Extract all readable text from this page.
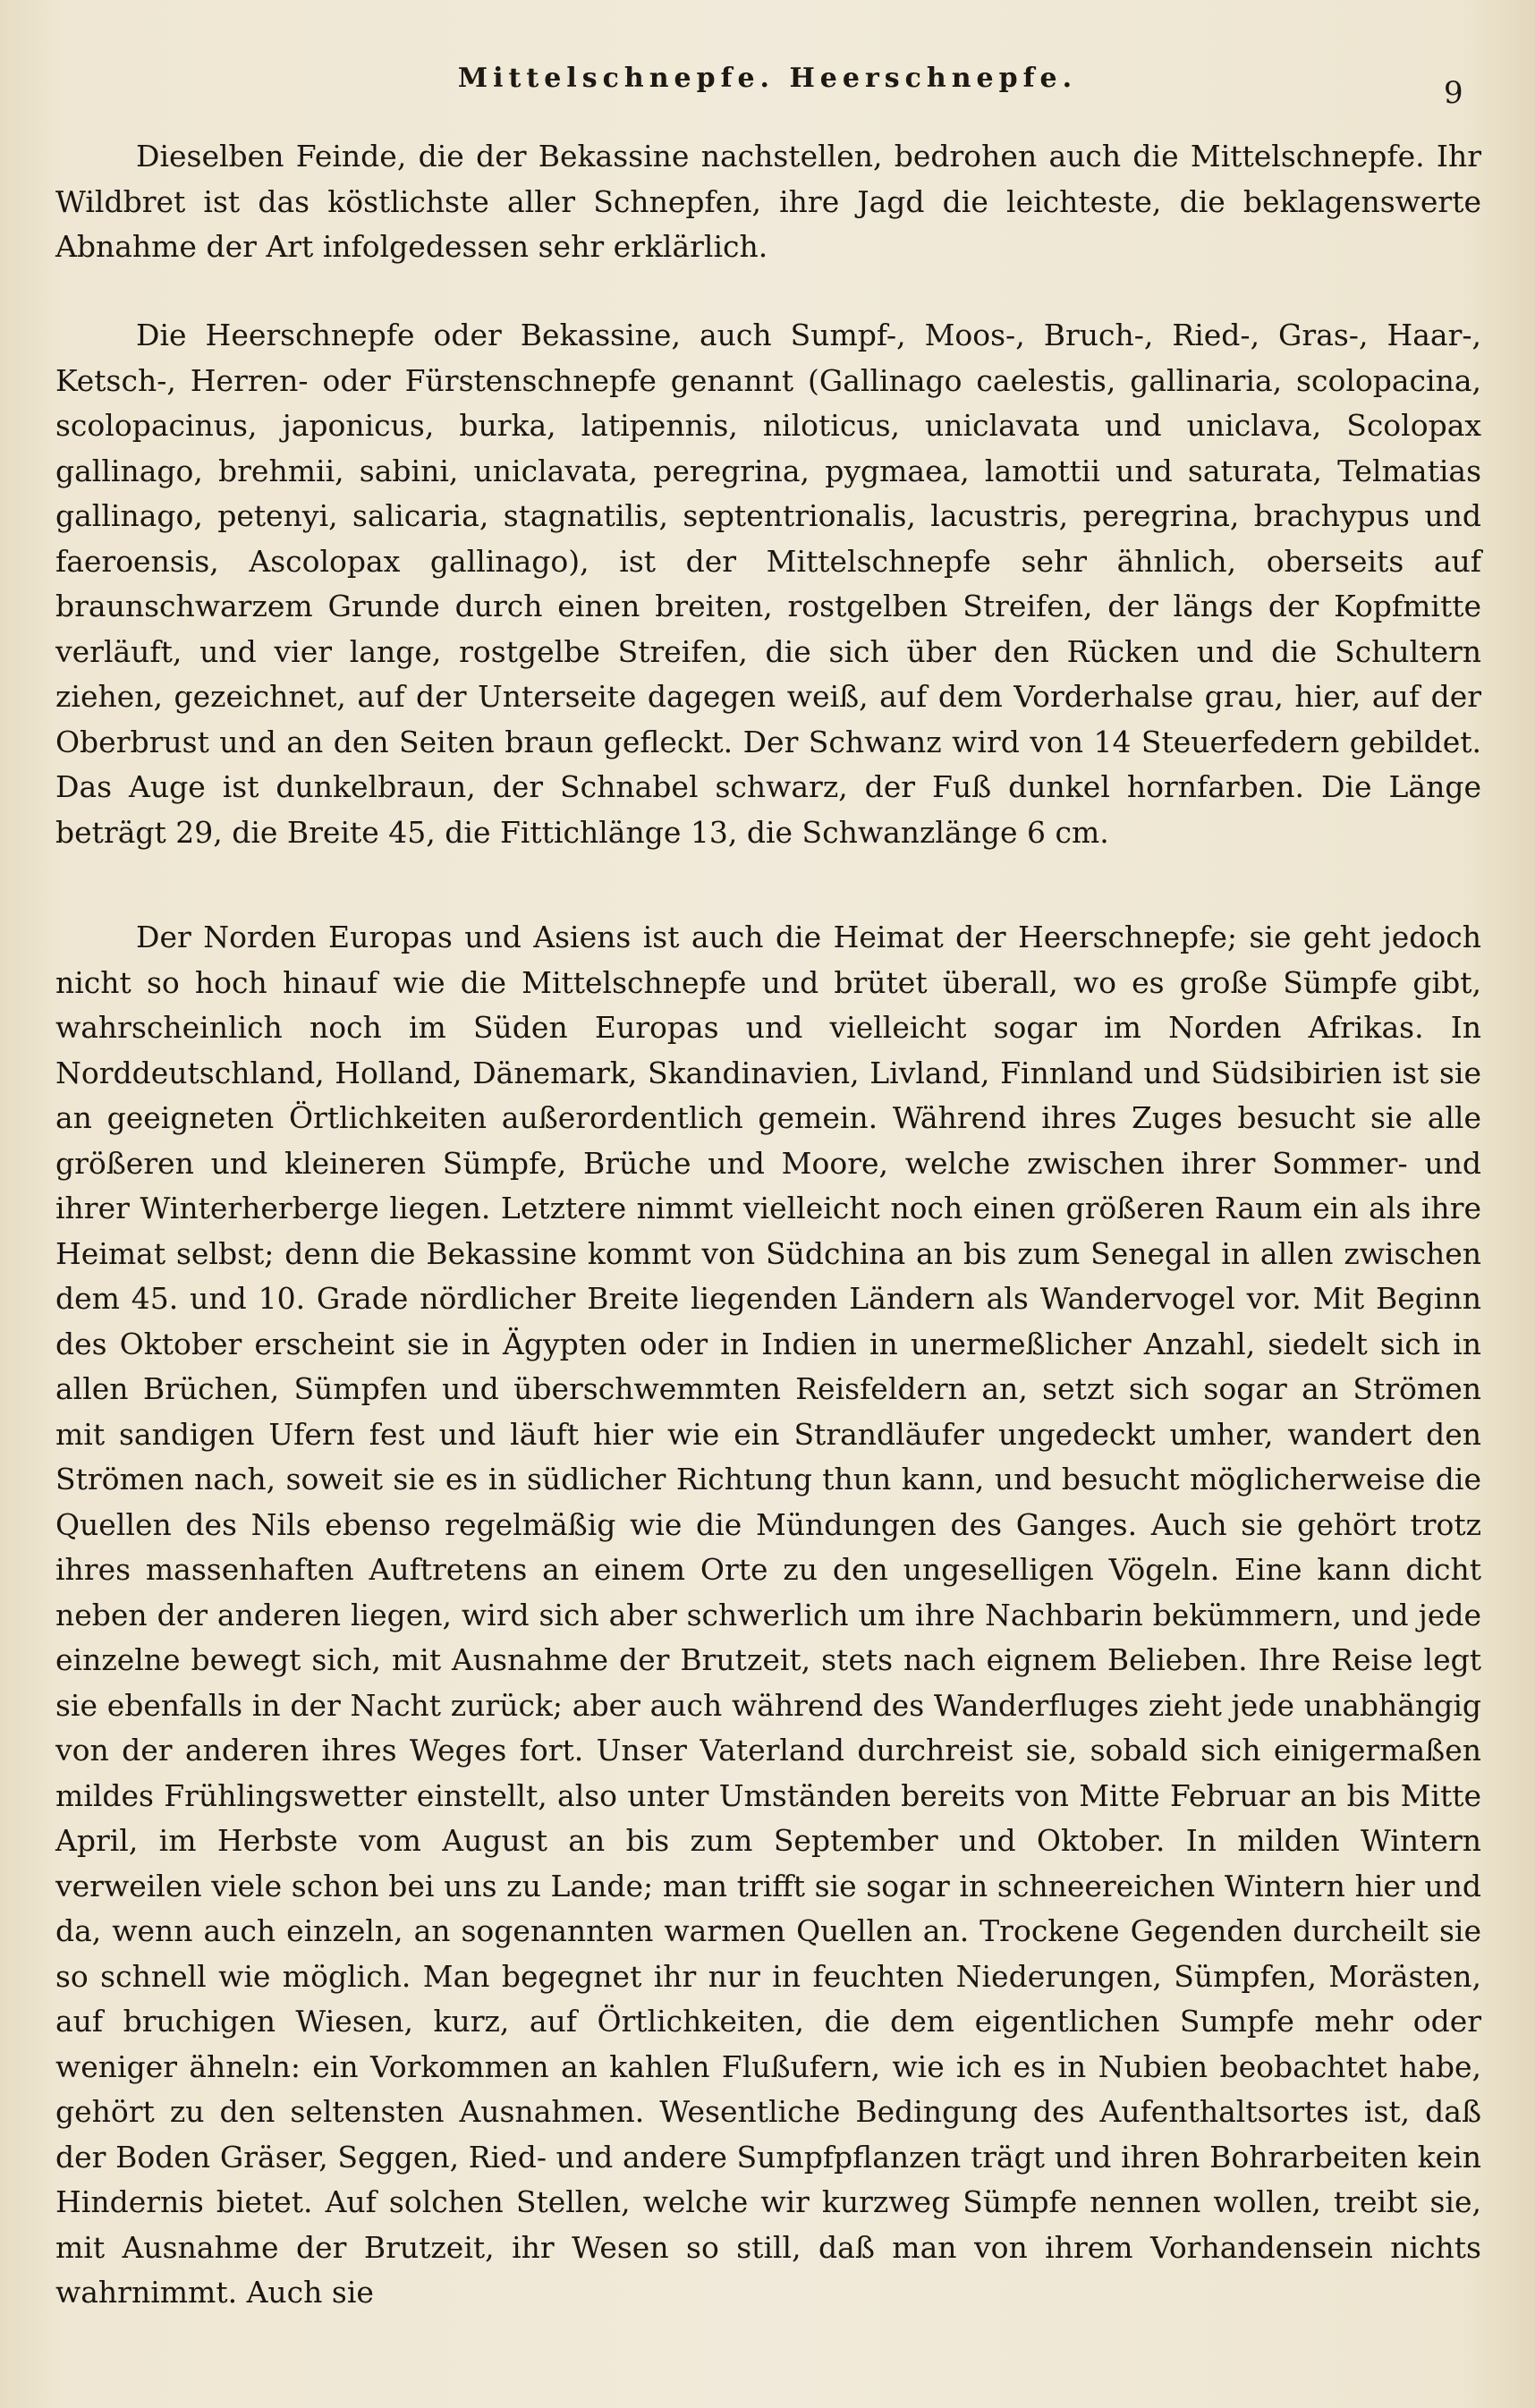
Mittelschnepfe. Heerschnepfe.	9

Dieselben Feinde, die der Bekassine nachstellen, bedrohen auch die Mittelschnepfe. Ihr Wildbret ist das köstlichste aller Schnepfen, ihre Jagd die leichteste, die beklagenswerte Abnahme der Art infolgedessen sehr erklärlich.

Die Heerschnepfe oder Bekassine, auch Sumpf-, Moos-, Bruch-, Ried-, Gras-, Haar-, Ketsch-, Herren- oder Fürstenschnepfe genannt (Gallinago caelestis, gallinaria, scolopacina, scolopacinus, japonicus, burka, latipennis, niloticus, uniclavata und uniclava, Scolopax gallinago, brehmii, sabini, uniclavata, peregrina, pygmaea, lamottii und saturata, Telmatias gallinago, petenyi, salicaria, stagnatilis, septentrionalis, lacustris, peregrina, brachypus und faeroensis, Ascolopax gallinago), ist der Mittelschnepfe sehr ähnlich, oberseits auf braunschwarzem Grunde durch einen breiten, rostgelben Streifen, der längs der Kopfmitte verläuft, und vier lange, rostgelbe Streifen, die sich über den Rücken und die Schultern ziehen, gezeichnet, auf der Unterseite dagegen weiß, auf dem Vorderhalse grau, hier, auf der Oberbrust und an den Seiten braun gefleckt. Der Schwanz wird von 14 Steuerfedern gebildet. Das Auge ist dunkelbraun, der Schnabel schwarz, der Fuß dunkel hornfarben. Die Länge beträgt 29, die Breite 45, die Fittichlänge 13, die Schwanzlänge 6 cm.

Der Norden Europas und Asiens ist auch die Heimat der Heerschnepfe; sie geht jedoch nicht so hoch hinauf wie die Mittelschnepfe und brütet überall, wo es große Sümpfe gibt, wahrscheinlich noch im Süden Europas und vielleicht sogar im Norden Afrikas. In Norddeutschland, Holland, Dänemark, Skandinavien, Livland, Finnland und Südsibirien ist sie an geeigneten Örtlichkeiten außerordentlich gemein. Während ihres Zuges besucht sie alle größeren und kleineren Sümpfe, Brüche und Moore, welche zwischen ihrer Sommer- und ihrer Winterherberge liegen. Letztere nimmt vielleicht noch einen größeren Raum ein als ihre Heimat selbst; denn die Bekassine kommt von Südchina an bis zum Senegal in allen zwischen dem 45. und 10. Grade nördlicher Breite liegenden Ländern als Wandervogel vor. Mit Beginn des Oktober erscheint sie in Ägypten oder in Indien in unermeßlicher Anzahl, siedelt sich in allen Brüchen, Sümpfen und überschwemmten Reisfeldern an, setzt sich sogar an Strömen mit sandigen Ufern fest und läuft hier wie ein Strandläufer ungedeckt umher, wandert den Strömen nach, soweit sie es in südlicher Richtung thun kann, und besucht möglicherweise die Quellen des Nils ebenso regelmäßig wie die Mündungen des Ganges. Auch sie gehört trotz ihres massenhaften Auftretens an einem Orte zu den ungeselligen Vögeln. Eine kann dicht neben der anderen liegen, wird sich aber schwerlich um ihre Nachbarin bekümmern, und jede einzelne bewegt sich, mit Ausnahme der Brutzeit, stets nach eignem Belieben. Ihre Reise legt sie ebenfalls in der Nacht zurück; aber auch während des Wanderfluges zieht jede unabhängig von der anderen ihres Weges fort. Unser Vaterland durchreist sie, sobald sich einigermaßen mildes Frühlingswetter einstellt, also unter Umständen bereits von Mitte Februar an bis Mitte April, im Herbste vom August an bis zum September und Oktober. In milden Wintern verweilen viele schon bei uns zu Lande; man trifft sie sogar in schneereichen Wintern hier und da, wenn auch einzeln, an sogenannten warmen Quellen an. Trockene Gegenden durcheilt sie so schnell wie möglich. Man begegnet ihr nur in feuchten Niederungen, Sümpfen, Morästen, auf bruchigen Wiesen, kurz, auf Örtlichkeiten, die dem eigentlichen Sumpfe mehr oder weniger ähneln: ein Vorkommen an kahlen Flußufern, wie ich es in Nubien beobachtet habe, gehört zu den seltensten Ausnahmen. Wesentliche Bedingung des Aufenthaltsortes ist, daß der Boden Gräser, Seggen, Ried- und andere Sumpfpflanzen trägt und ihren Bohrarbeiten kein Hindernis bietet. Auf solchen Stellen, welche wir kurzweg Sümpfe nennen wollen, treibt sie, mit Ausnahme der Brutzeit, ihr Wesen so still, daß man von ihrem Vorhandensein nichts wahrnimmt. Auch sie
